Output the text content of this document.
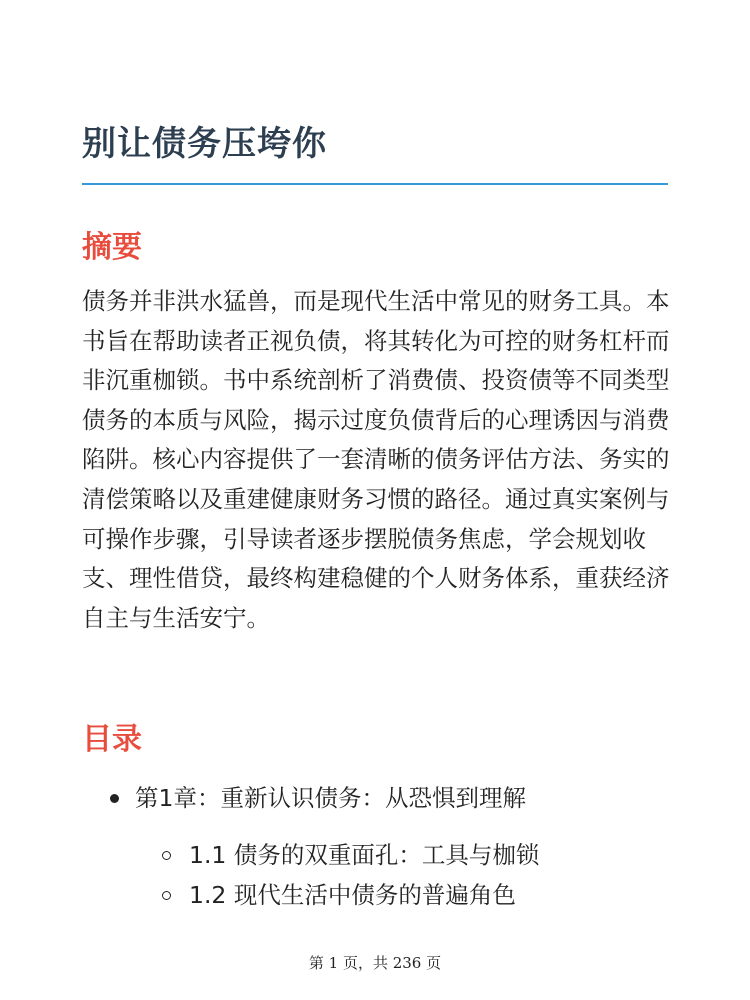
别让债务压垮你
摘要

债务并非洪水猛兽，而是现代生活中常见的财务工具。本书旨在帮助读者正视负债，将其转化为可控的财务杠杆而非沉重枷锁。书中系统剖析了消费债、投资债等不同类型债务的本质与风险，揭示过度负债背后的心理诱因与消费陷阱。核心内容提供了一套清晰的债务评估方法、务实的清偿策略以及重建健康财务习惯的路径。通过真实案例与可操作步骤，引导读者逐步摆脱债务焦虑，学会规划收支、理性借贷，最终构建稳健的个人财务体系，重获经济自主与生活安宁。

目录
第1章：重新认识债务：从恐惧到理解
1.1 债务的双重面孔：工具与枷锁
1.2 现代生活中债务的普遍角色
第 1 页，共 236 页
